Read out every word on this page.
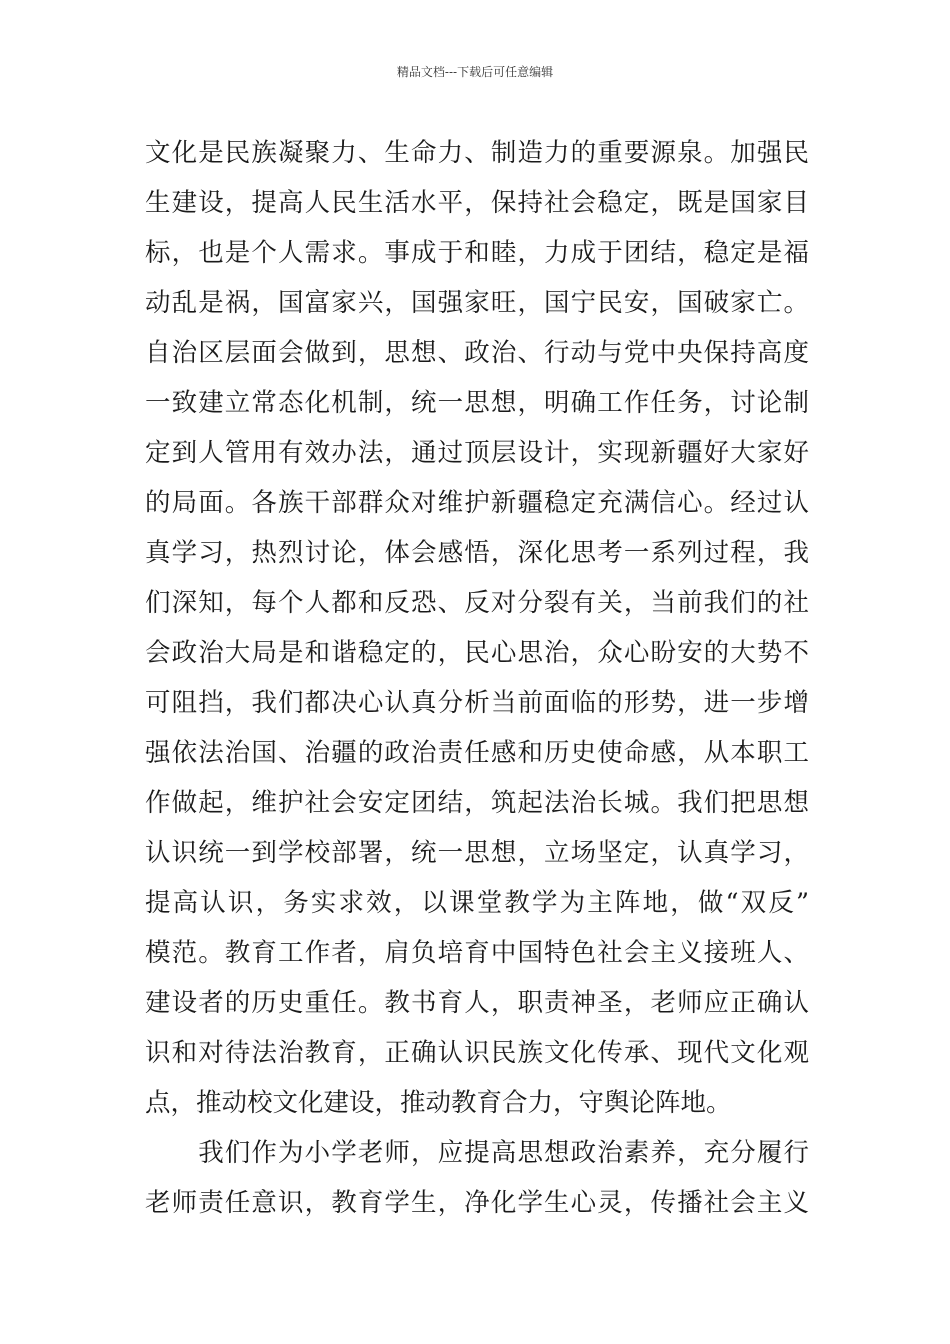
精品文档---下载后可任意编辑
文化是民族凝聚力、生命力、制造力的重要源泉。加强民
生建设，提高人民生活水平，保持社会稳定，既是国家目
标，也是个人需求。事成于和睦，力成于团结，稳定是福
动乱是祸，国富家兴，国强家旺，国宁民安，国破家亡。
自治区层面会做到，思想、政治、行动与党中央保持高度
一致建立常态化机制，统一思想，明确工作任务，讨论制
定到人管用有效办法，通过顶层设计，实现新疆好大家好
的局面。各族干部群众对维护新疆稳定充满信心。经过认
真学习，热烈讨论，体会感悟，深化思考一系列过程，我
们深知，每个人都和反恐、反对分裂有关，当前我们的社
会政治大局是和谐稳定的，民心思治，众心盼安的大势不
可阻挡，我们都决心认真分析当前面临的形势，进一步增
强依法治国、治疆的政治责任感和历史使命感，从本职工
作做起，维护社会安定团结，筑起法治长城。我们把思想
认识统一到学校部署，统一思想，立场坚定，认真学习，
提高认识，务实求效，以课堂教学为主阵地，做“双反”
模范。教育工作者，肩负培育中国特色社会主义接班人、
建设者的历史重任。教书育人，职责神圣，老师应正确认
识和对待法治教育，正确认识民族文化传承、现代文化观
点，推动校文化建设，推动教育合力，守舆论阵地。
　　我们作为小学老师，应提高思想政治素养，充分履行
老师责任意识，教育学生，净化学生心灵，传播社会主义
